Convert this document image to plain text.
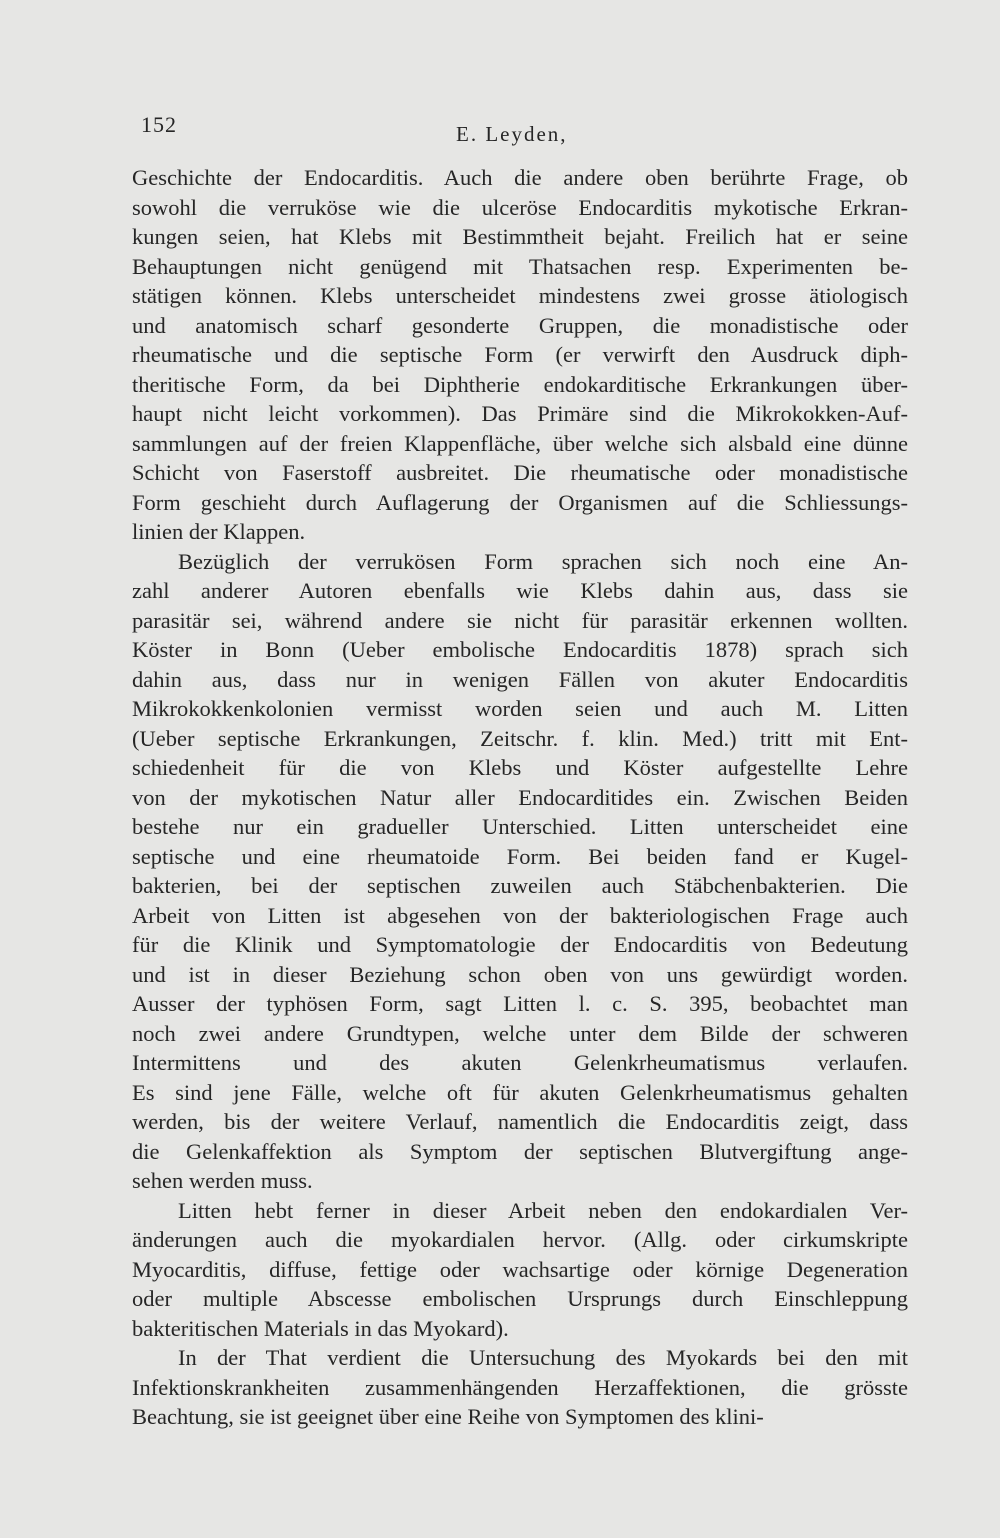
152	E. Leyden,

Geschichte der Endocarditis. Auch die andere oben berührte Frage, ob
sowohl die verruköse wie die ulceröse Endocarditis mykotische Erkran-
kungen seien, hat Klebs mit Bestimmtheit bejaht. Freilich hat er seine
Behauptungen nicht genügend mit Thatsachen resp. Experimenten be-
stätigen können. Klebs unterscheidet mindestens zwei grosse ätiologisch
und anatomisch scharf gesonderte Gruppen, die monadistische oder
rheumatische und die septische Form (er verwirft den Ausdruck diph-
theritische Form, da bei Diphtherie endokarditische Erkrankungen über-
haupt nicht leicht vorkommen). Das Primäre sind die Mikrokokken-Auf-
sammlungen auf der freien Klappenfläche, über welche sich alsbald eine dünne
Schicht von Faserstoff ausbreitet. Die rheumatische oder monadistische
Form geschieht durch Auflagerung der Organismen auf die Schliessungs-
linien der Klappen.
Bezüglich der verrukösen Form sprachen sich noch eine An-
zahl anderer Autoren ebenfalls wie Klebs dahin aus, dass sie
parasitär sei, während andere sie nicht für parasitär erkennen wollten.
Köster in Bonn (Ueber embolische Endocarditis 1878) sprach sich
dahin aus, dass nur in wenigen Fällen von akuter Endocarditis
Mikrokokkenkolonien vermisst worden seien und auch M. Litten
(Ueber septische Erkrankungen, Zeitschr. f. klin. Med.) tritt mit Ent-
schiedenheit für die von Klebs und Köster aufgestellte Lehre
von der mykotischen Natur aller Endocarditides ein. Zwischen Beiden
bestehe nur ein gradueller Unterschied. Litten unterscheidet eine
septische und eine rheumatoide Form. Bei beiden fand er Kugel-
bakterien, bei der septischen zuweilen auch Stäbchenbakterien. Die
Arbeit von Litten ist abgesehen von der bakteriologischen Frage auch
für die Klinik und Symptomatologie der Endocarditis von Bedeutung
und ist in dieser Beziehung schon oben von uns gewürdigt worden.
Ausser der typhösen Form, sagt Litten l. c. S. 395, beobachtet man
noch zwei andere Grundtypen, welche unter dem Bilde der schweren
Intermittens und des akuten Gelenkrheumatismus verlaufen.
Es sind jene Fälle, welche oft für akuten Gelenkrheumatismus gehalten
werden, bis der weitere Verlauf, namentlich die Endocarditis zeigt, dass
die Gelenkaffektion als Symptom der septischen Blutvergiftung ange-
sehen werden muss.
Litten hebt ferner in dieser Arbeit neben den endokardialen Ver-
änderungen auch die myokardialen hervor. (Allg. oder cirkumskripte
Myocarditis, diffuse, fettige oder wachsartige oder körnige Degeneration
oder multiple Abscesse embolischen Ursprungs durch Einschleppung
bakteritischen Materials in das Myokard).
In der That verdient die Untersuchung des Myokards bei den mit
Infektionskrankheiten zusammenhängenden Herzaffektionen, die grösste
Beachtung, sie ist geeignet über eine Reihe von Symptomen des klini-
